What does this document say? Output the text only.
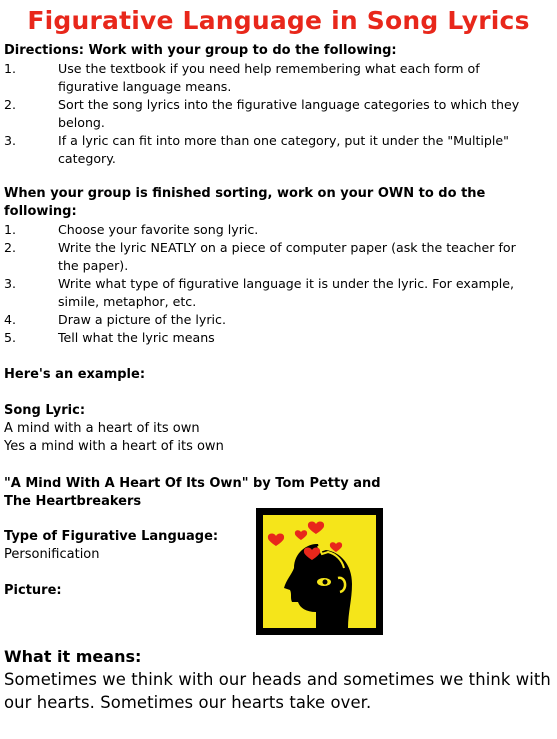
Figurative Language in Song Lyrics
Directions: Work with your group to do the following:
1.	Use the textbook if you need help remembering what each form of figurative language means.
2.	Sort the song lyrics into the figurative language categories to which they belong.
3.	If a lyric can fit into more than one category, put it under the "Multiple" category.
When your group is finished sorting, work on your OWN to do the following:
1.	Choose your favorite song lyric.
2.	Write the lyric NEATLY on a piece of computer paper (ask the teacher for the paper).
3.	Write what type of figurative language it is under the lyric. For example, simile, metaphor, etc.
4.	Draw a picture of the lyric.
5.	Tell what the lyric means
Here's an example:
Song Lyric:
A mind with a heart of its own
Yes a mind with a heart of its own
"A Mind With A Heart Of Its Own" by Tom Petty and The Heartbreakers
Type of Figurative Language:
Personification
Picture:
What it means:
Sometimes we think with our heads and sometimes we think with our hearts. Sometimes our hearts take over.
